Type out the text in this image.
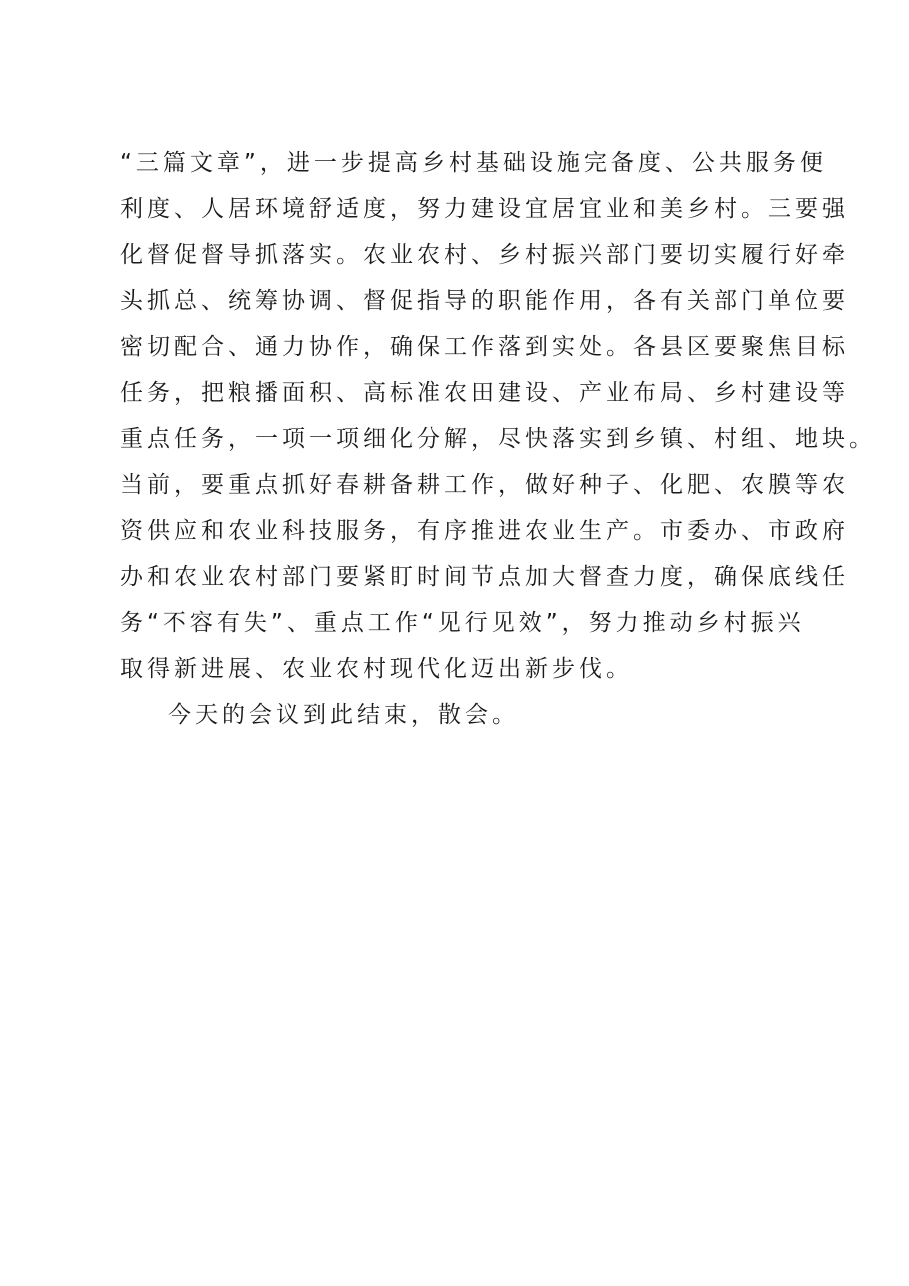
“三篇文章”，进一步提高乡村基础设施完备度、公共服务便
利度、人居环境舒适度，努力建设宜居宜业和美乡村。三要强
化督促督导抓落实。农业农村、乡村振兴部门要切实履行好牵
头抓总、统筹协调、督促指导的职能作用，各有关部门单位要
密切配合、通力协作，确保工作落到实处。各县区要聚焦目标
任务，把粮播面积、高标准农田建设、产业布局、乡村建设等
重点任务，一项一项细化分解，尽快落实到乡镇、村组、地块。
当前，要重点抓好春耕备耕工作，做好种子、化肥、农膜等农
资供应和农业科技服务，有序推进农业生产。市委办、市政府
办和农业农村部门要紧盯时间节点加大督查力度，确保底线任
务“不容有失”、重点工作“见行见效”，努力推动乡村振兴
取得新进展、农业农村现代化迈出新步伐。
今天的会议到此结束，散会。
